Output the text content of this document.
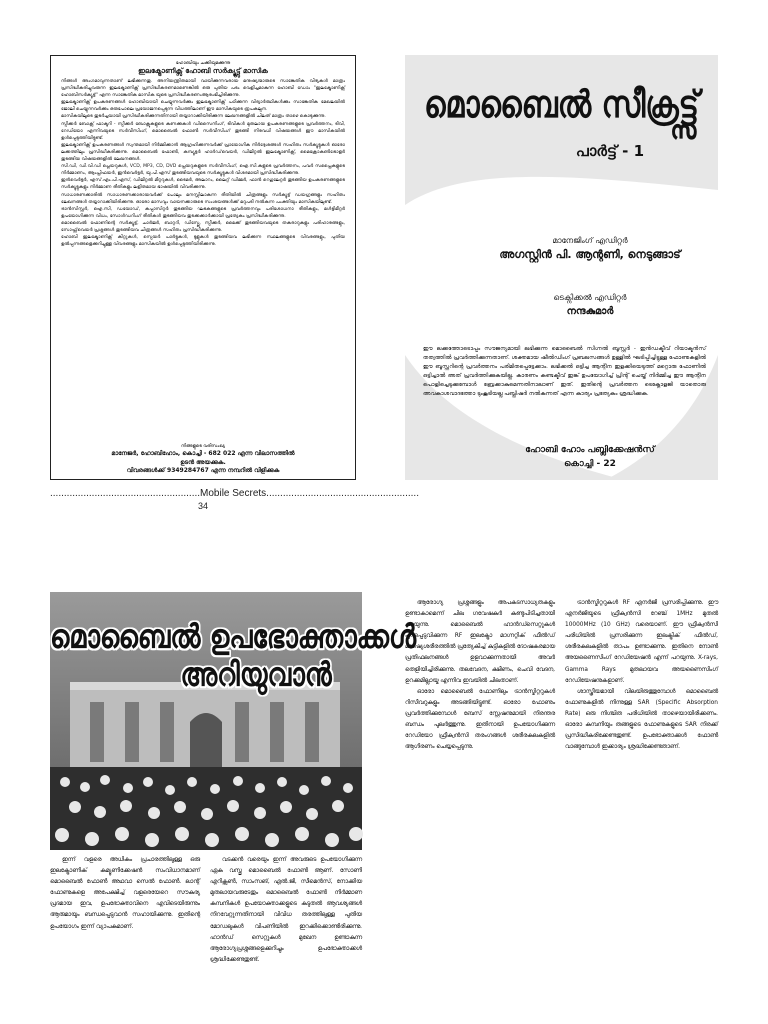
ഹോബിയും ചക്കിയുമക്കുന്നു
ഇലക്ട്രോണിക്സ് ഹോബി സർക്യൂട്ട്സ് മാസിക

നിങ്ങൾ അംഗമാവുന്നതാണ് ലഭിക്കുന്നതു. അനിയന്ത്രിതമായി വായിക്കുന്നവരായ മനുഷ്യന്മാരുടെ സാങ്കേതിക വിദ്യകൾ മാത്രം പ്രസിദ്ധീകരിച്ചുവരുന്ന ഇലക്ട്രോണിക്സ് പ്രസിദ്ധീകരണമാണെങ്കിൽ ഒരു പുതിയ പടം വെളിച്ചമാകുന്ന ഹോബി ഡോം "ഇലക്ട്രോണിക്സ് ഹോബിസർക്യൂട്ട്" എന്ന സാങ്കേതിക മാസിക യുടെ പ്രസിദ്ധീകരണംആരംഭിച്ചിരിക്കുന്നു.

ഇലക്ട്രോണിക്സ് ഉപകരണങ്ങൾ ഹോബിയായി ചെയ്യുന്നവർക്കും ഇലക്ട്രോണിക്സ് പഠിക്കുന്ന വിദ്യാർത്ഥികൾക്കും സാങ്കേതിക മേഖലയിൽ ജോലി ചെയ്യുന്നവർക്കും ഒരുപോലെ പ്രയോജനപ്പെടുന്ന വിധത്തിലാണ് ഈ മാസികയുടെ രൂപകല്പന.

മാസികയിലൂടെ തുടർച്ചയായി പ്രസിദ്ധീകരിക്കുന്നതിനായി തയ്യാറാക്കിയിരിക്കുന്ന ലേഖനങ്ങളിൽ ചിലത് മാത്രം താഴെ കൊടുക്കുന്നു.

സ്പീക്കർ ബോക്സ് ഫാക്ടറി - സ്പീക്കർ ബോക്സുകളുടെ കണക്കുകൾ ഡിസൈനിംഗ്, ടിവികൾ മുതലായ ഉപകരണങ്ങളുടെ പ്രവർത്തനം, ടിവി, റേഡിയോ എന്നിവയുടെ സർവീസിംഗ്, മൊബൈൽ ഫോൺ സർവീസിംഗ് തുടങ്ങി നിരവധി വിഷയങ്ങൾ ഈ മാസികയിൽ ഉൾപ്പെടുത്തിയിട്ടുണ്ട്.

ഇലക്ട്രോണിക്സ് ഉപകരണങ്ങൾ സ്വന്തമായി നിർമ്മിക്കാൻ ആഗ്രഹിക്കുന്നവർക്ക് പ്രായോഗിക നിർദ്ദേശങ്ങൾ സഹിതം സർക്യൂട്ടുകൾ ഓരോ ലക്കത്തിലും പ്രസിദ്ധീകരിക്കുന്നു. മൊബൈൽ ഫോൺ, കമ്പ്യൂട്ടർ ഹാർഡ്‌വെയർ, ഡിജിറ്റൽ ഇലക്ട്രോണിക്സ്, മൈക്രോകൺട്രോളർ തുടങ്ങിയ വിഷയങ്ങളിൽ ലേഖനങ്ങൾ.

സി.ഡി, ഡി.വി.ഡി പ്ലെയറുകൾ, VCD, MP3, CD, DVD പ്ലെയറുകളുടെ സർവീസിംഗ്, ഐ.സി.കളുടെ പ്രവർത്തനം, പവർ സപ്ലൈകളുടെ നിർമ്മാണം, ആംപ്ലിഫയർ, ഇൻവെർട്ടർ, യു.പി.എസ് തുടങ്ങിയവയുടെ സർക്യൂട്ടുകൾ വിശദമായി പ്രസിദ്ധീകരിക്കുന്നു.

ഇൻവെർട്ടർ, എസ്.എം.പി.എസ്, ഡിജിറ്റൽ മീറ്ററുകൾ, ടൈമർ, അലാറം, ലൈറ്റ് ഡിമ്മർ, ഫാൻ റെഗുലേറ്റർ തുടങ്ങിയ ഉപകരണങ്ങളുടെ സർക്യൂട്ടുകളും നിർമ്മാണ രീതികളും ലളിതമായ ഭാഷയിൽ വിവരിക്കുന്നു.

സാധാരണക്കാരിൽ സാധാരണക്കാരായവർക്ക് പോലും മനസ്സിലാകുന്ന രീതിയിൽ ചിത്രങ്ങളും സർക്യൂട്ട് ഡയഗ്രങ്ങളും സഹിതം ലേഖനങ്ങൾ തയ്യാറാക്കിയിരിക്കുന്നു. ഓരോ മാസവും വായനക്കാരുടെ സംശയങ്ങൾക്ക് മറുപടി നൽകുന്ന പംക്തിയും മാസികയിലുണ്ട്.

ട്രാൻസിസ്റ്റർ, ഐ.സി, ഡയോഡ്, കപ്പാസിറ്റർ തുടങ്ങിയ ഘടകങ്ങളുടെ പ്രവർത്തനവും പരിശോധനാ രീതികളും, മൾട്ടിമീറ്റർ ഉപയോഗിക്കുന്ന വിധം, സോൾഡറിംഗ് രീതികൾ തുടങ്ങിയവ തുടക്കക്കാർക്കായി പ്രത്യേകം പ്രസിദ്ധീകരിക്കുന്നു.

മൊബൈൽ ഫോണിന്റെ സർക്യൂട്ട്, ചാർജർ, ബാറ്ററി, ഡിസ്പ്ലേ, സ്പീക്കർ, മൈക്ക് തുടങ്ങിയവയുടെ തകരാറുകളും പരിഹാരങ്ങളും, സോഫ്റ്റ്‌വെയർ പ്രശ്നങ്ങൾ തുടങ്ങിയവ ചിത്രങ്ങൾ സഹിതം പ്രസിദ്ധീകരിക്കുന്നു.

ഹോബി ഇലക്ട്രോണിക്സ് കിറ്റുകൾ, സ്പെയർ പാർട്ടുകൾ, ടൂളുകൾ തുടങ്ങിയവ ലഭിക്കുന്ന സ്ഥലങ്ങളുടെ വിവരങ്ങളും, പുതിയ ഉൽപ്പന്നങ്ങളെക്കുറിച്ചുള്ള വിവരങ്ങളും മാസികയിൽ ഉൾപ്പെടുത്തിയിരിക്കുന്നു.

നിങ്ങളുടെ വരിസംഖ്യ
മാനേജർ, ഹോബിഹോം, കൊച്ചി - 682 022 എന്ന വിലാസത്തിൽ
ഉടൻ അയക്കുക.
വിവരങ്ങൾക്ക് 9349284767 എന്ന നമ്പറിൽ വിളിക്കുക
......................................................Mobile Secrets.......................................................
34
മൊബൈൽ സീക്രട്ട്സ്
പാർട്ട് - 1
മാനേജിംഗ് എഡിറ്റർ
അഗസ്റ്റിൻ പി. ആന്റണി, നെടുങ്ങാട്
ടെക്നിക്കൽ എഡിറ്റർ
നന്ദകുമാർ
ഈ ലക്കത്തോടൊപ്പം സൗജന്യമായി ലഭിക്കുന്ന മൊബൈൽ സിഗ്നൽ ബൂസ്റ്റർ - ഇൻഡക്ടീവ് റിയാക്ടൻസ് തത്വത്തിൽ പ്രവർത്തിക്കുന്നതാണ്. ശക്തമായ ഷീൽഡിംഗ് പ്രബലസങ്ങൾ ഉള്ളിൽ ഘടിപ്പിച്ചിട്ടുള്ള ഫോണുകളിൽ ഈ ബൂസ്റ്ററിന്റെ പ്രവർത്തനം പരിമിതപ്പെട്ടേക്കാം. ലഭിക്കൽ ഒട്ടിച്ച ആന്റിന ഇളക്കിയെടുത്ത് മറ്റൊരു ഫോണിൽ ഒട്ടിച്ചാൽ അത് പ്രവർത്തിക്കുകയില്ല. കാരണം കണ്ടക്ടീവ് ഇങ്ക് ഉപയോഗിച്ച് പ്രിന്റ് ചെയ്ത് നിർമ്മിച്ച ഈ ആന്റിന പൊളിച്ചെടുക്കുമ്പോൾ ബ്രേക്കാകുമെന്നതിനാലാണ് ഇത്. ഇതിന്റെ പ്രവർത്തന ടെക്നോളജി യാതൊരു അവകാശവാദത്തോ ടുംകൂടിയല്ല പബ്ലിഷർ നൽകുന്നത് എന്ന കാര്യം പ്രത്യേകം ശ്രദ്ധിക്കുക.
ഹോബി ഹോം പബ്ലിക്കേഷൻസ്
കൊച്ചി - 22
മൊബൈൽ ഉപഭോക്താക്കൾ
അറിയുവാൻ

ഇന്ന് വളരെ അധികം പ്രചാരത്തിലുള്ള ഒരു ഇലക്ട്രോണിക് കമ്യൂണിക്കേഷൻ സംവിധാനമാണ് മൊബൈൽ ഫോൺ അഥവാ സെൽ ഫോൺ. ലാന്റ് ഫോണുകളെ അപേക്ഷിച്ച് വളരെയേറെ സൗകര്യ പ്രദമായ ഇവ, ഉപഭോക്താവിനെ എവിടെയിരുന്നും ആരുമായും ബന്ധപ്പെടുവാൻ സഹായിക്കുന്നു. ഇതിന്റെ ഉപയോഗം ഇന്ന് വ്യാപകമാണ്.

വടക്കൻ വരെയും ഇന്ന് അവരുടെ ഉപയോഗിക്കുന്ന ഏക വസ്തു മൊബൈൽ ഫോൺ ആണ്. സോണി എറിക്സൺ, സാംസങ്, എൽ.ജി, സീമെൻസ്, നോക്കിയ മുതലായവരുടേതും മൊബൈൽ ഫോൺ നിർമ്മാണ കമ്പനികൾ ഉപയോക്താക്കളുടെ കുടുതൽ ആവശ്യങ്ങൾ നിറവേറ്റുന്നതിനായി വിവിധ തരത്തിലുള്ള പുതിയ മോഡലുകൾ വിപണിയിൽ ഇറക്കിക്കൊണ്ടിരിക്കുന്നു. ഹാൻഡ് സെറ്റുകൾ മുഖേന ഉണ്ടാകുന്ന ആരോഗ്യപ്രശ്നങ്ങളെക്കുറിച്ചും ഉപഭോക്താക്കൾ ശ്രദ്ധിക്കേണ്ടതുണ്ട്.

ആരോഗ്യ പ്രശ്നങ്ങളും അപകടസാധ്യതകളും ഉണ്ടാകാമെന്ന് ചില ഗവേഷകർ കണ്ടുപിടിച്ചതായി പറയുന്നു. മൊബൈൽ ഹാൻഡ്സെറ്റുകൾ പുറപ്പെടുവിക്കുന്ന RF ഇലക്ട്രോ മാഗ്നറ്റിക് ഫീൽഡ് മനുഷ്യശരീരത്തിൽ പ്രത്യേകിച്ച് കുട്ടികളിൽ ദോഷകരമായ പ്രതിഫലനങ്ങൾ ഉളവാക്കുന്നതായി അവർ തെളിയിച്ചിരിക്കുന്നു. തലവേദന, ക്ഷീണം, ചെവി വേദന, ഉറക്കമില്ലായ്മ എന്നിവ ഇവയിൽ ചിലതാണ്.

ഓരോ മൊബൈൽ ഫോണിലും ട്രാൻസ്മിറ്ററുകൾ റിസീവറുകളും അടങ്ങിയിട്ടുണ്ട്. ഓരോ ഫോണും പ്രവർത്തിക്കുമ്പോൾ ബേസ് സ്റ്റേഷനുമായി നിരന്തര ബന്ധം പുലർത്തുന്നു. ഇതിനായി ഉപയോഗിക്കുന്ന റേഡിയോ ഫ്രീക്വൻസി തരംഗങ്ങൾ ശരീരകലകളിൽ ആഗിരണം ചെയ്യപ്പെടുന്നു.

ട്രാൻസ്മിറ്ററുകൾ RF എനർജി പ്രസരിപ്പിക്കുന്നു. ഈ എനർജിയുടെ ഫ്രീക്വൻസി റേഞ്ച് 1MHz മുതൽ 10000MHz (10 GHz) വരെയാണ്. ഈ ഫ്രീക്വൻസി പരിധിയിൽ പ്രസരിക്കുന്ന ഇലക്ട്രിക് ഫീൽഡ്, ശരീരകലകളിൽ താപം ഉണ്ടാക്കുന്നു. ഇതിനെ നോൺ അയണൈസിംഗ് റേഡിയേഷൻ എന്ന് പറയുന്നു. X-rays, Gamma Rays മുതലായവ അയണൈസിംഗ് റേഡിയേഷനുകളാണ്.

ശാസ്ത്രീയമായി വിലയിരുത്തുമ്പോൾ മൊബൈൽ ഫോണുകളിൽ നിന്നുള്ള SAR (Specific Absorption Rate) ഒരു നിശ്ചിത പരിധിയിൽ താഴെയായിരിക്കണം. ഓരോ കമ്പനിയും തങ്ങളുടെ ഫോണുകളുടെ SAR നിരക്ക് പ്രസിദ്ധീകരിക്കേണ്ടതുണ്ട്. ഉപഭോക്താക്കൾ ഫോൺ വാങ്ങുമ്പോൾ ഇക്കാര്യം ശ്രദ്ധിക്കേണ്ടതാണ്.
